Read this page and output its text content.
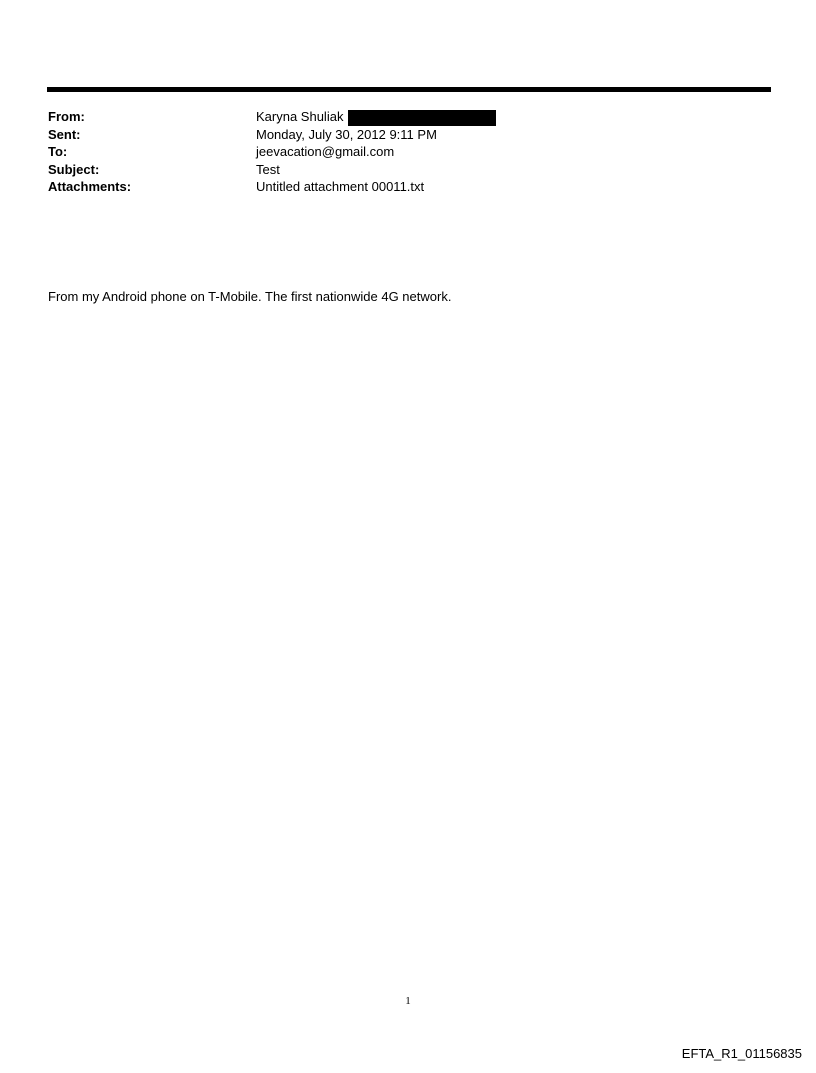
From:	Karyna Shuliak
Sent:	Monday, July 30, 2012 9:11 PM
To:	jeevacation@gmail.com
Subject:	Test
Attachments:	Untitled attachment 00011.txt
From my Android phone on T-Mobile. The first nationwide 4G network.
1
EFTA_R1_01156835
